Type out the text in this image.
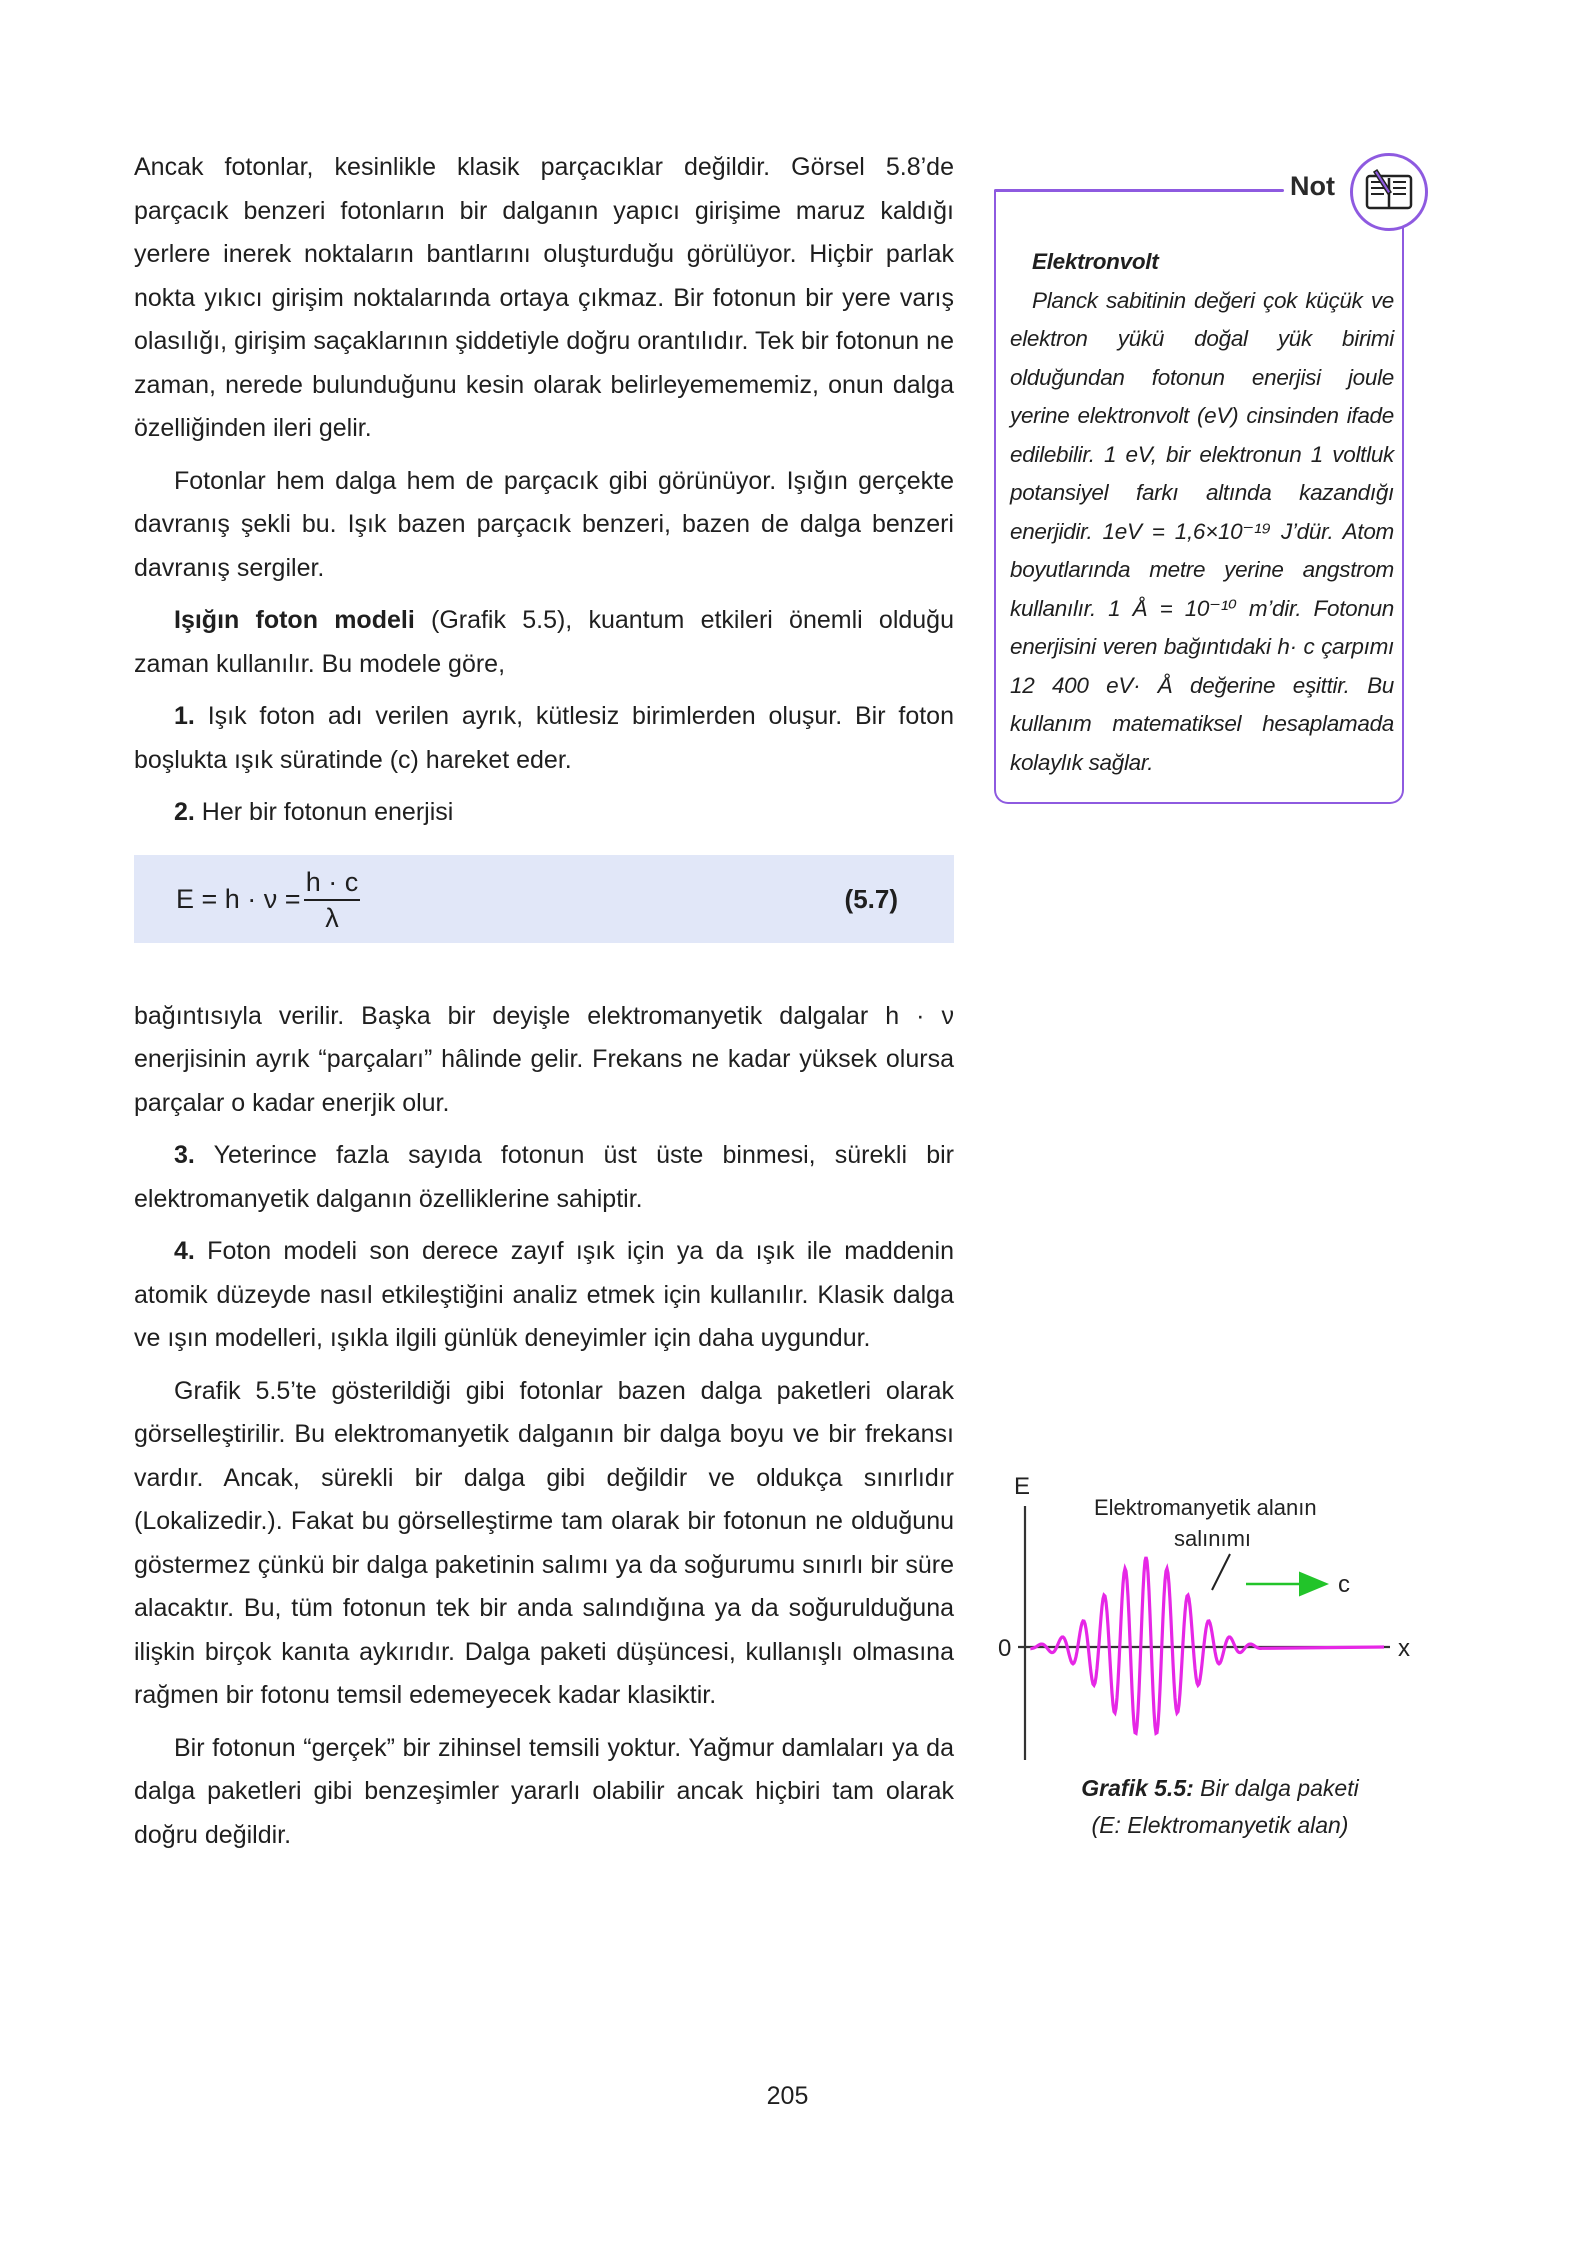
Ancak fotonlar, kesinlikle klasik parçacıklar değildir. Görsel 5.8’de parçacık benzeri fotonların bir dalganın yapıcı girişime maruz kaldığı yerlere inerek noktaların bantlarını oluşturduğu görülüyor. Hiçbir parlak nokta yıkıcı girişim noktalarında ortaya çıkmaz. Bir fotonun bir yere varış olasılığı, girişim saçaklarının şiddetiyle doğru orantılıdır. Tek bir fotonun ne zaman, nerede bulunduğunu kesin olarak belirleyemememiz, onun dalga özelliğinden ileri gelir.

Fotonlar hem dalga hem de parçacık gibi görünüyor. Işığın gerçekte davranış şekli bu. Işık bazen parçacık benzeri, bazen de dalga benzeri davranış sergiler.

Işığın foton modeli (Grafik 5.5), kuantum etkileri önemli olduğu zaman kullanılır. Bu modele göre,

1. Işık foton adı verilen ayrık, kütlesiz birimlerden oluşur. Bir foton boşlukta ışık süratinde (c) hareket eder.

2. Her bir fotonun enerjisi

$E = h \cdot \nu = \frac{h \cdot c}{\lambda}$	(5.7)

bağıntısıyla verilir. Başka bir deyişle elektromanyetik dalgalar h · ν enerjisinin ayrık “parçaları” hâlinde gelir. Frekans ne kadar yüksek olursa parçalar o kadar enerjik olur.

3. Yeterince fazla sayıda fotonun üst üste binmesi, sürekli bir elektromanyetik dalganın özelliklerine sahiptir.

4. Foton modeli son derece zayıf ışık için ya da ışık ile maddenin atomik düzeyde nasıl etkileştiğini analiz etmek için kullanılır. Klasik dalga ve ışın modelleri, ışıkla ilgili günlük deneyimler için daha uygundur.

Grafik 5.5’te gösterildiği gibi fotonlar bazen dalga paketleri olarak görselleştirilir. Bu elektromanyetik dalganın bir dalga boyu ve bir frekansı vardır. Ancak, sürekli bir dalga gibi değildir ve oldukça sınırlıdır (Lokalizedir.). Fakat bu görselleştirme tam olarak bir fotonun ne olduğunu göstermez çünkü bir dalga paketinin salımı ya da soğurumu sınırlı bir süre alacaktır. Bu, tüm fotonun tek bir anda salındığına ya da soğurulduğuna ilişkin birçok kanıta aykırıdır. Dalga paketi düşüncesi, kullanışlı olmasına rağmen bir fotonu temsil edemeyecek kadar klasiktir.

Bir fotonun “gerçek” bir zihinsel temsili yoktur. Yağmur damlaları ya da dalga paketleri gibi benzeşimler yararlı olabilir ancak hiçbiri tam olarak doğru değildir.

Not
Elektronvolt
Planck sabitinin değeri çok küçük ve elektron yükü doğal yük birimi olduğundan fotonun enerjisi joule yerine elektronvolt (eV) cinsinden ifade edilebilir. 1 eV, bir elektronun 1 voltluk potansiyel farkı altında kazandığı enerjidir. 1eV = 1,6×10⁻¹⁹ J’dür. Atom boyutlarında metre yerine angstrom kullanılır. 1 Å = 10⁻¹⁰ m’dir. Fotonun enerjisini veren bağıntıdaki h· c çarpımı 12 400 eV· Å değerine eşittir. Bu kullanım matematiksel hesaplamada kolaylık sağlar.
E
0	x
Elektromanyetik alanın
salınımı
c
Grafik 5.5: Bir dalga paketi
(E: Elektromanyetik alan)
205
